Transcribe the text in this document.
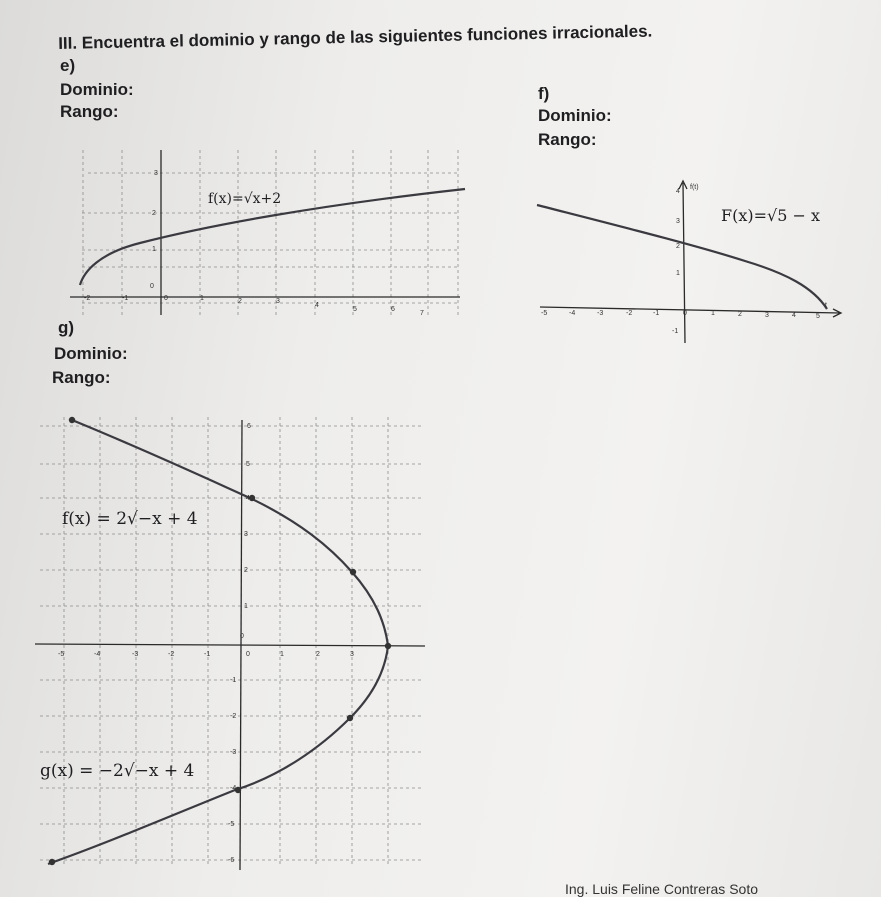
III. Encuentra el dominio y rango de las siguientes funciones irracionales.
e)
Dominio:
Rango:
f)
Dominio:
Rango:
g)
Dominio:
Rango:
-2	-1	0	1	2	3
4
5	6
7
3
2
1
0
f(x)=√x+2
-5	-4	-3	-2	-1	0	1	2	3	4	5
4
3
2
1
-1
f(t)
t
F(x)=√5 − x
-5	-4	-3	-2	-1	0	1	2	3
6
5
4
3
2
1
0
-1
-2
-3
-4
-5
-6
f(x) = 2√−x + 4
g(x) = −2√−x + 4
Ing. Luis Feline Contreras Soto
